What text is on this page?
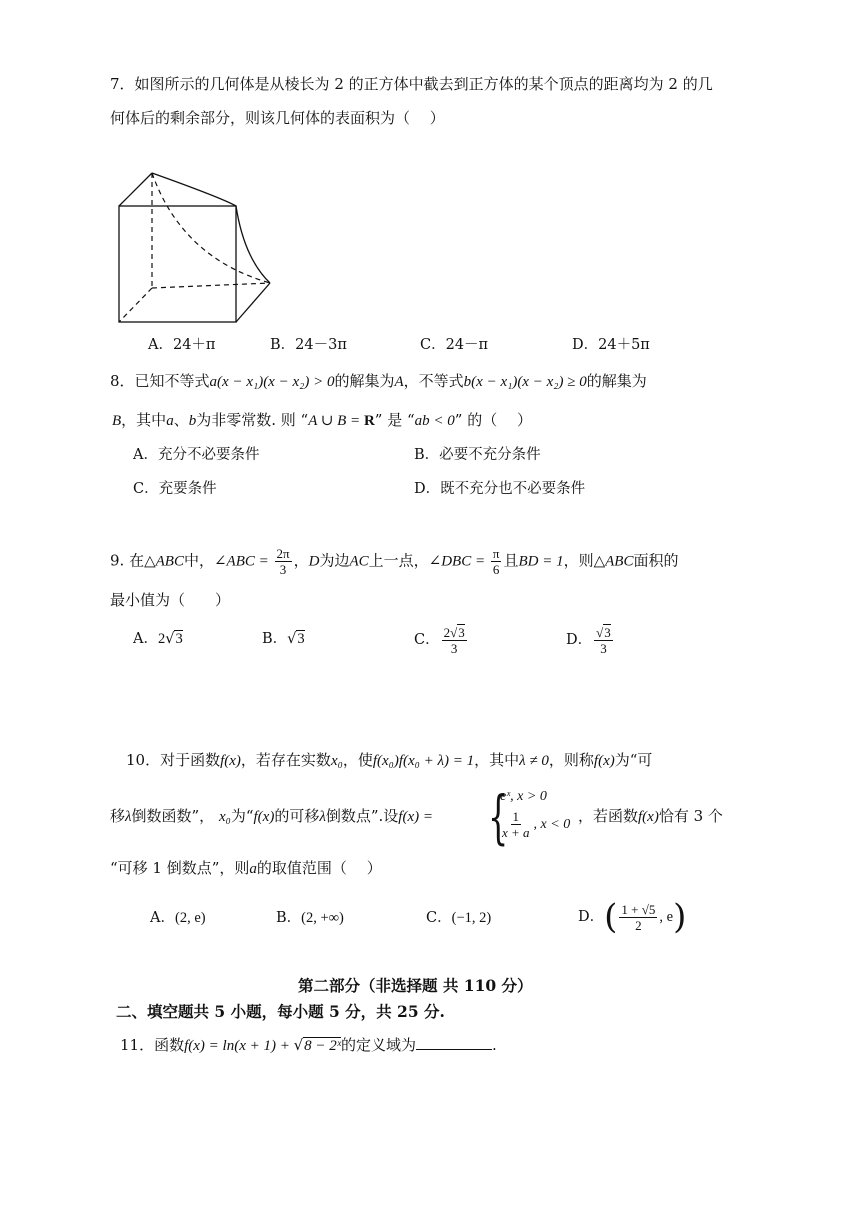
7．如图所示的几何体是从棱长为 2 的正方体中截去到正方体的某个顶点的距离均为 2 的几
何体后的剩余部分，则该几何体的表面积为（　 ）
A．24＋π	B．24－3π	C．24－π	D．24＋5π
8．已知不等式a(x − x₁)(x − x₂) > 0的解集为A，不等式b(x − x₁)(x − x₂) ≥ 0的解集为
B，其中a、b为非零常数. 则 “A ∪ B = R” 是 “ab < 0” 的（　 ）
A．充分不必要条件	B．必要不充分条件
C．充要条件	D．既不充分也不必要条件
9. 在△ABC中，∠ABC = $\frac{2\pi}{3}$ ，D为边AC上一点，∠DBC = $\frac{\pi}{6}$ 且BD = 1，则△ABC面积的
最小值为（　　）
A．2√3	B．√3	C． $\frac{2√3}{3}$	D． $\frac{√3}{3}$
10．对于函数f(x)，若存在实数x₀，使f(x₀)f(x₀ + λ) = 1，其中λ ≠ 0，则称f(x)为“可
移λ倒数函数”， x₀为“f(x)的可移λ倒数点”.设f(x) = {
eˣ, x > 0
$\frac{1}{x + a}$ , x < 0 ，若函数f(x)恰有 3 个
“可移 1 倒数点”，则a的取值范围（　 ）
A．(2, e)	B．(2, +∞)	C．(−1, 2)	D．( $\frac{1 + √5}{2}$ , e)
第二部分（非选择题 共 110 分）
二、填空题共 5 小题，每小题 5 分，共 25 分.
11．函数f(x) = ln(x + 1) + √8 − 2ˣ的定义域为	.
